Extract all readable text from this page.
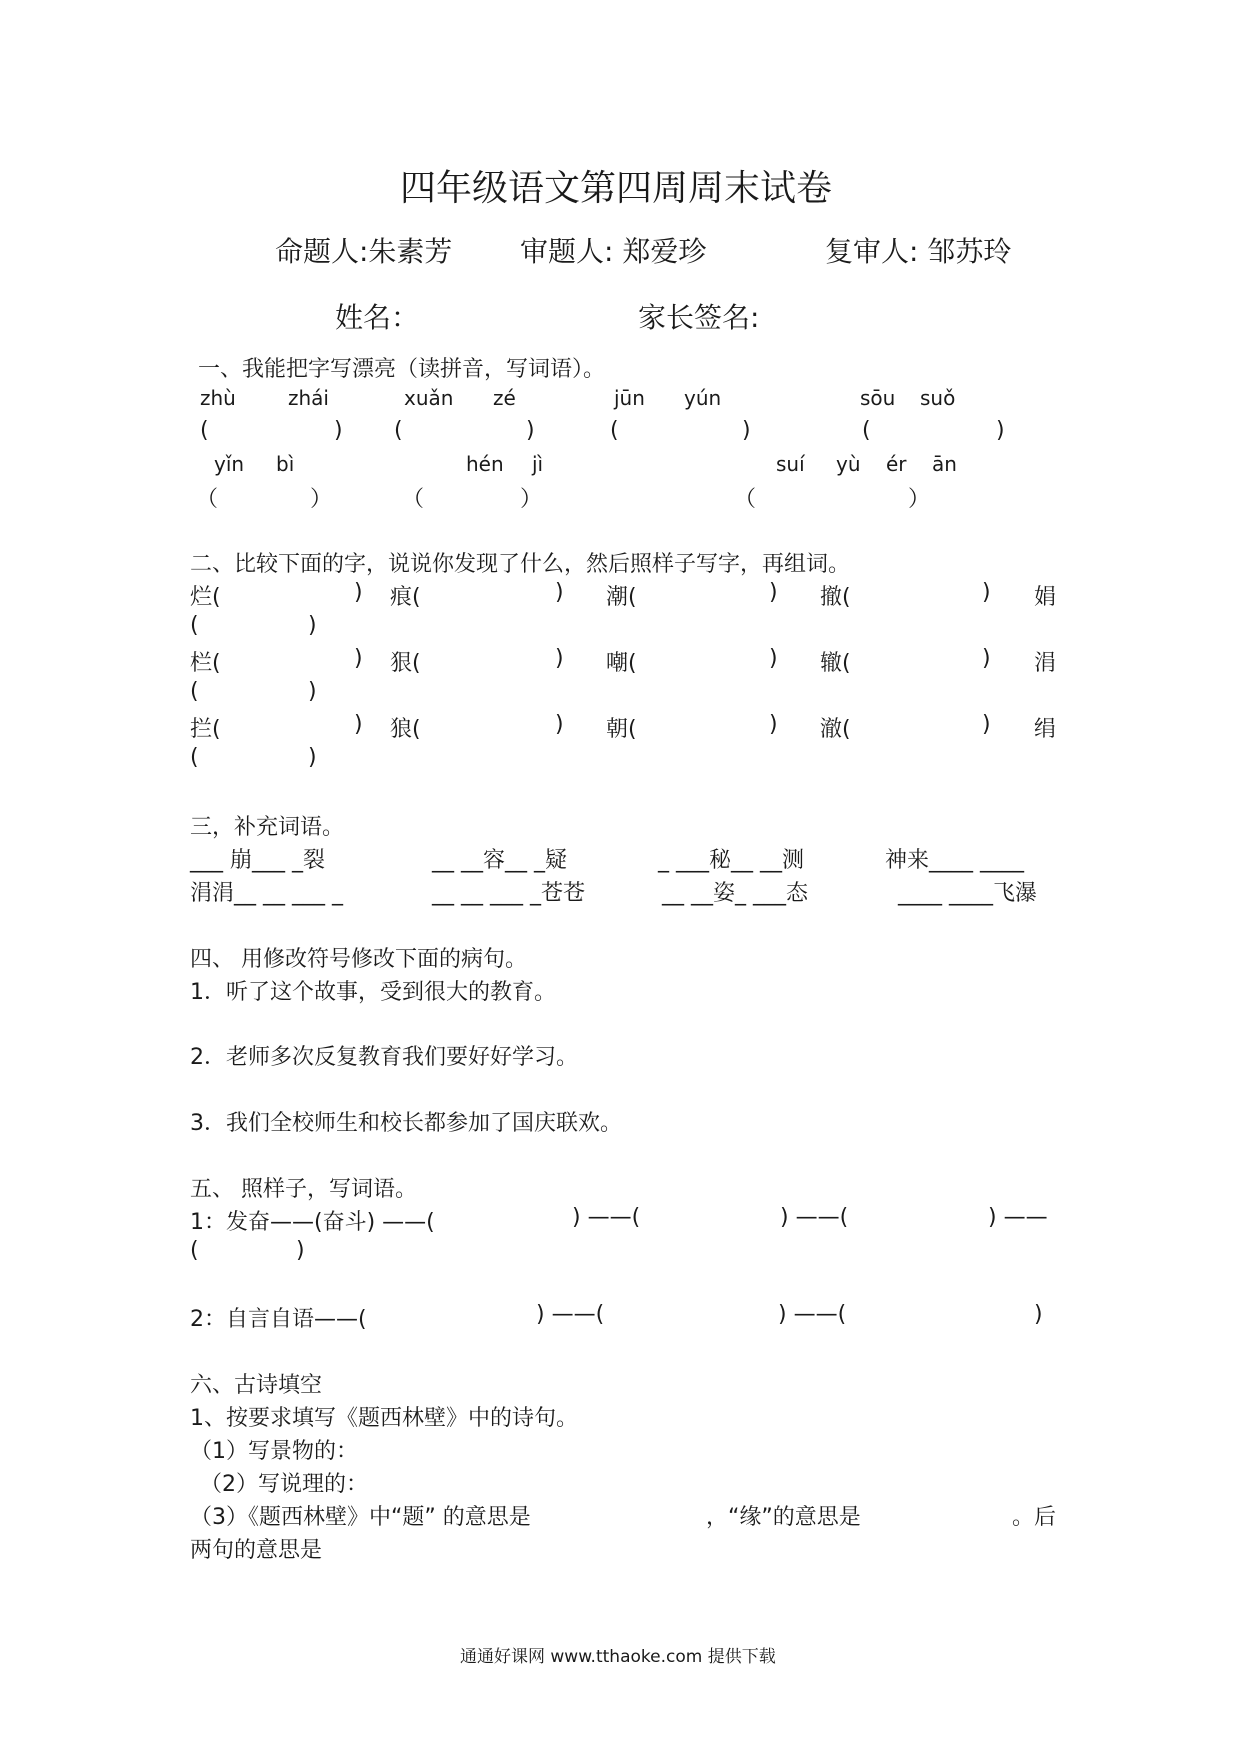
四年级语文第四周周末试卷
命题人:朱素芳 审题人: 郑爱珍	复审人: 邹苏玲
姓名：	家长签名:
一、我能把字写漂亮（读拼音，写词语）。
zhù	zhái	xuǎn zé	jūn yún	sōu suǒ
(	) (	)	(	)	(	)
yǐn bì	hén jì	suí yù ér ān
（	）	（	）	（	）
二、比较下面的字，说说你发现了什么，然后照样子写字，再组词。
烂(	) 痕(	) 潮(	) 撤(	) 娟
(	)
栏(	) 狠(	) 嘲(	) 辙(	) 涓
(	)
拦(	) 狼(	) 朝(	) 澈(	) 绢
(	)
三，补充词语。
___ 崩___ _裂	__ __容__ _疑	_ ___秘__ __测	神来____ ____
涓涓__ __ ___ _	__ __ ___ _苍苍	__ __姿_ ___态	____ ____飞瀑
四、 用修改符号修改下面的病句。
1．听了这个故事，受到很大的教育。
2．老师多次反复教育我们要好好学习。
3．我们全校师生和校长都参加了国庆联欢。
五、 照样子，写词语。
1：发奋——(奋斗) ——(	) ——(	) ——(	) ——
(	)
2：自言自语——(	) ——(	) ——(	)
六、古诗填空
1、按要求填写《题西林壁》中的诗句。
（1）写景物的：
（2）写说理的：
（3）《题西林壁》中“题” 的意思是	，“缘”的意思是	。后
两句的意思是
通通好课网 www.tthaoke.com 提供下载
